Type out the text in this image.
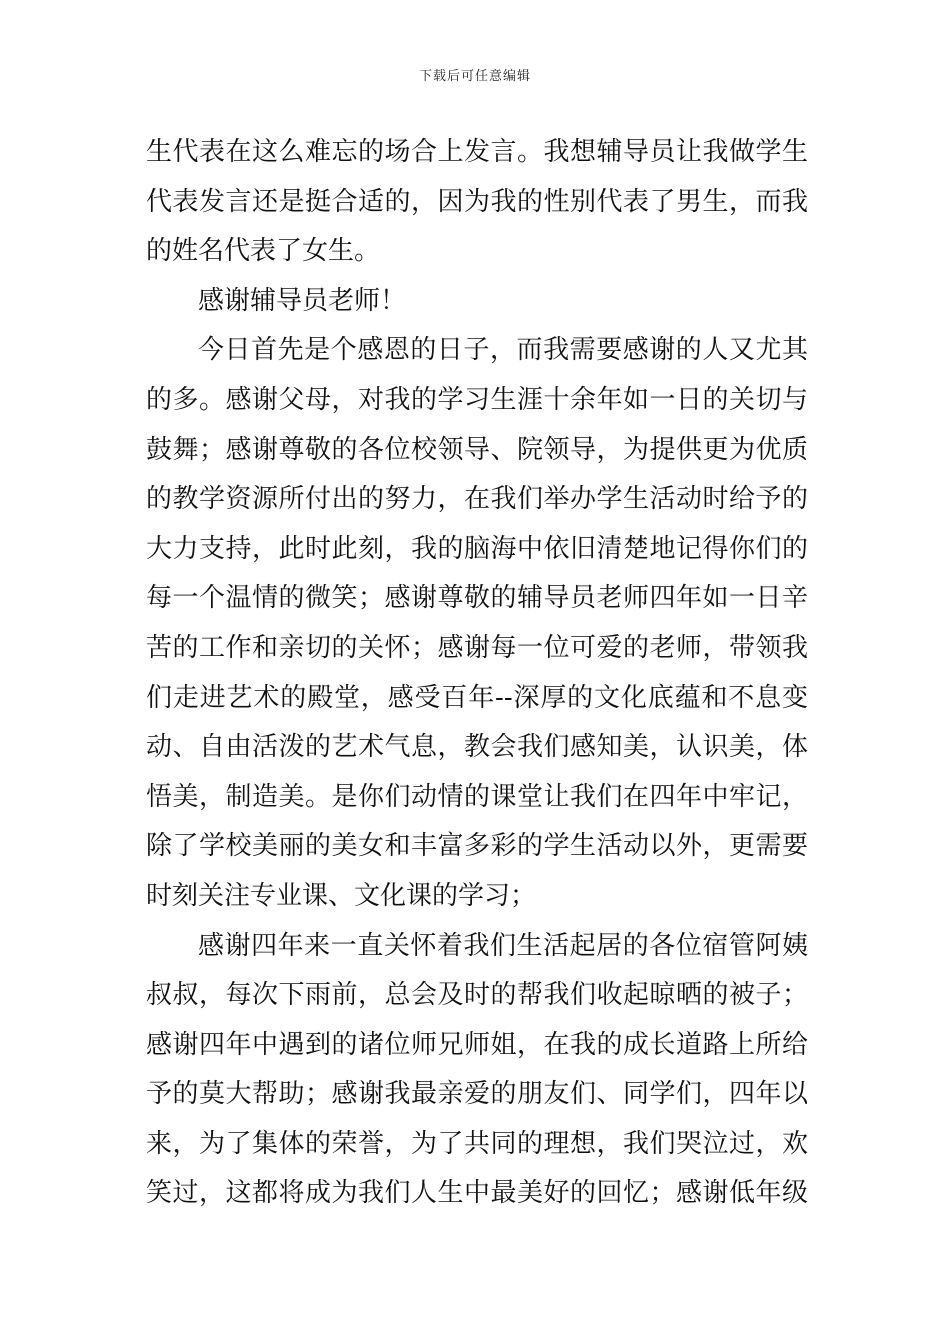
下载后可任意编辑
生代表在这么难忘的场合上发言。我想辅导员让我做学生
代表发言还是挺合适的，因为我的性别代表了男生，而我
的姓名代表了女生。
感谢辅导员老师！
今日首先是个感恩的日子，而我需要感谢的人又尤其
的多。感谢父母，对我的学习生涯十余年如一日的关切与
鼓舞；感谢尊敬的各位校领导、院领导，为提供更为优质
的教学资源所付出的努力，在我们举办学生活动时给予的
大力支持，此时此刻，我的脑海中依旧清楚地记得你们的
每一个温情的微笑；感谢尊敬的辅导员老师四年如一日辛
苦的工作和亲切的关怀；感谢每一位可爱的老师，带领我
们走进艺术的殿堂，感受百年--深厚的文化底蕴和不息变
动、自由活泼的艺术气息，教会我们感知美，认识美，体
悟美，制造美。是你们动情的课堂让我们在四年中牢记，
除了学校美丽的美女和丰富多彩的学生活动以外，更需要
时刻关注专业课、文化课的学习；
感谢四年来一直关怀着我们生活起居的各位宿管阿姨
叔叔，每次下雨前，总会及时的帮我们收起晾晒的被子；
感谢四年中遇到的诸位师兄师姐，在我的成长道路上所给
予的莫大帮助；感谢我最亲爱的朋友们、同学们，四年以
来，为了集体的荣誉，为了共同的理想，我们哭泣过，欢
笑过，这都将成为我们人生中最美好的回忆；感谢低年级
